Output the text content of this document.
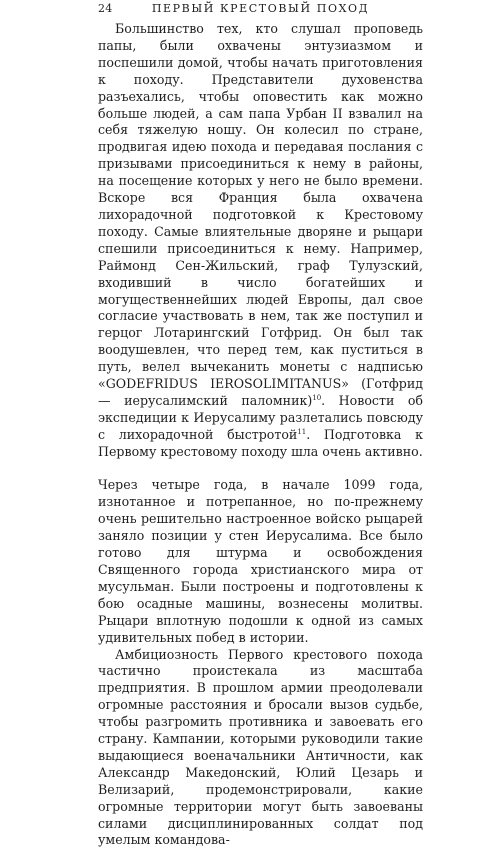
24	ПЕРВЫЙ КРЕСТОВЫЙ ПОХОД

Большинство тех, кто слушал проповедь папы, были охвачены энтузиазмом и поспешили домой, чтобы начать приготовления к походу. Представители духовенства разъехались, чтобы оповестить как можно больше людей, а сам папа Урбан II взвалил на себя тяжелую ношу. Он колесил по стране, продвигая идею похода и передавая послания с призывами присоединиться к нему в районы, на посещение которых у него не было времени. Вскоре вся Франция была охвачена лихорадочной подготовкой к Крестовому походу. Самые влиятельные дворяне и рыцари спешили присоединиться к нему. Например, Раймонд Сен-Жильский, граф Тулузский, входивший в число богатейших и могущественнейших людей Европы, дал свое согласие участвовать в нем, так же поступил и герцог Лотарингский Готфрид. Он был так воодушевлен, что перед тем, как пуститься в путь, велел вычеканить монеты с надписью «GODEFRIDUS IEROSOLIMITANUS» (Готфрид — иерусалимский паломник)$^{10}$. Новости об экспедиции к Иерусалиму разлетались повсюду с лихорадочной быстротой$^{11}$. Подготовка к Первому крестовому походу шла очень активно.

Через четыре года, в начале 1099 года, изнотанное и потрепанное, но по-прежнему очень решительно настроенное войско рыцарей заняло позиции у стен Иерусалима. Все было готово для штурма и освобождения Священного города христианского мира от мусульман. Были построены и подготовлены к бою осадные машины, вознесены молитвы. Рыцари вплотную подошли к одной из самых удивительных побед в истории.

Амбициозность Первого крестового похода частично проистекала из масштаба предприятия. В прошлом армии преодолевали огромные расстояния и бросали вызов судьбе, чтобы разгромить противника и завоевать его страну. Кампании, которыми руководили такие выдающиеся военачальники Античности, как Александр Македонский, Юлий Цезарь и Велизарий, продемонстрировали, какие огромные территории могут быть завоеваны силами дисциплинированных солдат под умелым командова-
